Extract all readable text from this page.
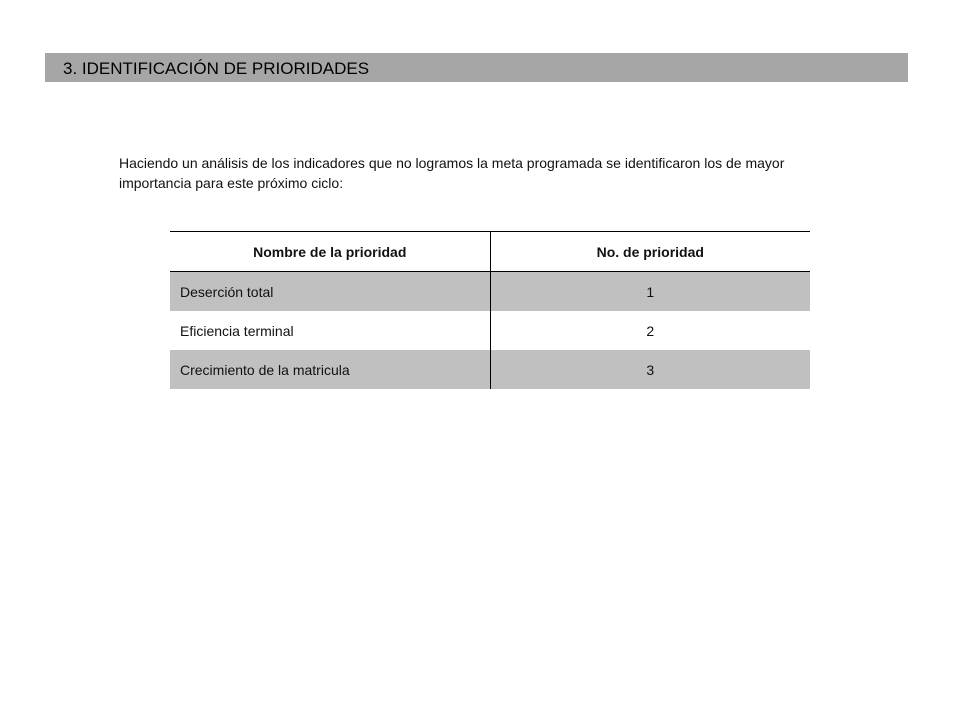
3. IDENTIFICACIÓN DE PRIORIDADES

Haciendo un análisis de los indicadores que no logramos la meta programada se identificaron los de mayor importancia para este próximo ciclo:

Nombre de la prioridad	No. de prioridad
Deserción total	1
Eficiencia terminal	2
Crecimiento de la matricula	3
